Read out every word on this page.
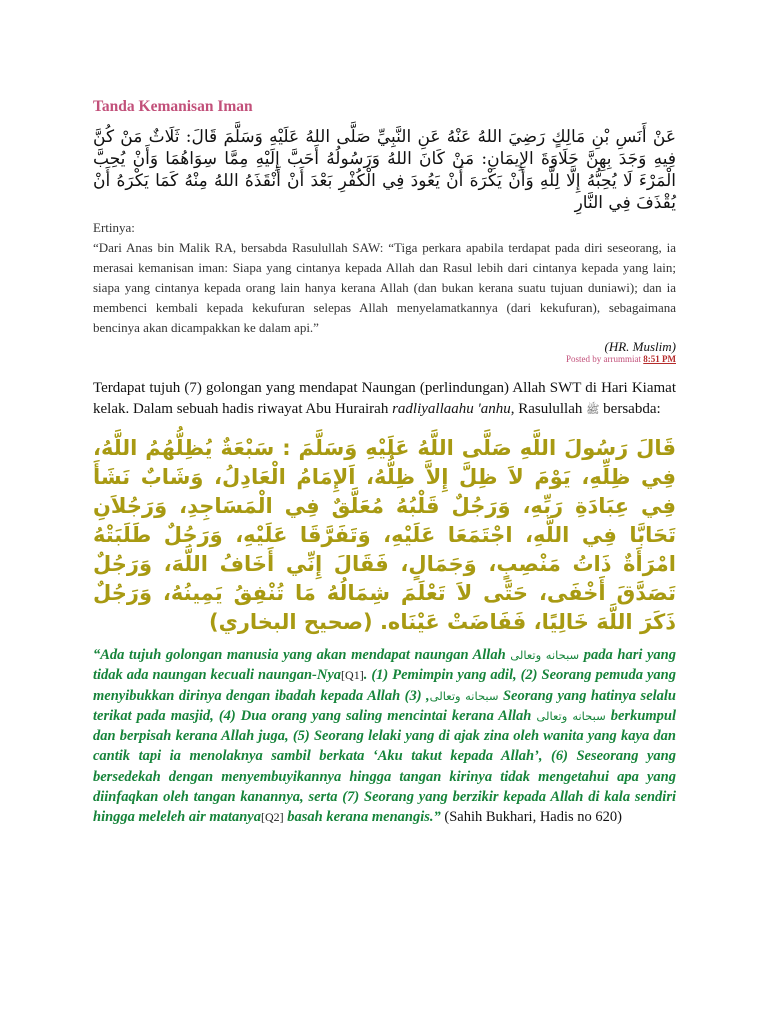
Tanda Kemanisan Iman
عَنْ أَنَسِ بْنِ مَالِكٍ رَضِيَ اللهُ عَنْهُ عَنِ النَّبِيِّ صَلَّى اللهُ عَلَيْهِ وَسَلَّمَ قَالَ: ثَلَاثٌ مَنْ كُنَّ فِيهِ وَجَدَ بِهِنَّ حَلَاوَةَ الإِيمَانِ: مَنْ كَانَ اللهُ وَرَسُولُهُ أَحَبَّ إِلَيْهِ مِمَّا سِوَاهُمَا وَأَنْ يُحِبَّ الْمَرْءَ لَا يُحِبُّهُ إِلَّا لِلَّهِ وَأَنْ يَكْرَهَ أَنْ يَعُودَ فِي الْكُفْرِ بَعْدَ أَنْ أَنْقَذَهُ اللهُ مِنْهُ كَمَا يَكْرَهُ أَنْ يُقْذَفَ فِي النَّارِ
Ertinya:

“Dari Anas bin Malik RA, bersabda Rasulullah SAW: “Tiga perkara apabila terdapat pada diri seseorang, ia merasai kemanisan iman: Siapa yang cintanya kepada Allah dan Rasul lebih dari cintanya kepada yang lain; siapa yang cintanya kepada orang lain hanya kerana Allah (dan bukan kerana suatu tujuan duniawi); dan ia membenci kembali kepada kekufuran selepas Allah menyelamatkannya (dari kekufuran), sebagaimana bencinya akan dicampakkan ke dalam api.”

(HR. Muslim)
Posted by arrummiat 8:51 PM

Terdapat tujuh (7) golongan yang mendapat Naungan (perlindungan) Allah SWT di Hari Kiamat kelak. Dalam sebuah hadis riwayat Abu Hurairah radliyallaahu 'anhu, Rasulullah ﷺ bersabda:

قَالَ رَسُولَ اللَّهِ صَلَّى اللَّهُ عَلَيْهِ وَسَلَّمَ : سَبْعَةٌ يُظِلُّهُمُ اللَّهُ، فِي ظِلِّهِ، يَوْمَ لاَ ظِلَّ إِلاَّ ظِلُّهُ، اَلإِمَامُ الْعَادِلُ، وَشَابٌ نَشَأَ فِي عِبَادَةِ رَبِّهِ، وَرَجُلٌ قَلْبُهُ مُعَلَّقٌ فِي الْمَسَاجِدِ، وَرَجُلاَنِ تَحَابَّا فِي اللَّهِ، اجْتَمَعَا عَلَيْهِ، وَتَفَرَّقَا عَلَيْهِ، وَرَجُلٌ طَلَبَتْهُ امْرَأَةٌ ذَاتُ مَنْصِبٍ، وَجَمَالٍ، فَقَالَ إِنِّي أَخَافُ اللَّهَ، وَرَجُلٌ تَصَدَّقَ أَخْفَى، حَتَّى لاَ تَعْلَمَ شِمَالُهُ مَا تُنْفِقُ يَمِينُهُ، وَرَجُلٌ ذَكَرَ اللَّهَ خَالِيًا، فَفَاضَتْ عَيْنَاه. (صحيح البخاري)

“Ada tujuh golongan manusia yang akan mendapat naungan Allah سبحانه وتعالى pada hari yang tidak ada naungan kecuali naungan-Nya[Q1]. (1) Pemimpin yang adil, (2) Seorang pemuda yang menyibukkan dirinya dengan ibadah kepada Allah سبحانه وتعالى, (3) Seorang yang hatinya selalu terikat pada masjid, (4) Dua orang yang saling mencintai kerana Allah سبحانه وتعالى berkumpul dan berpisah kerana Allah juga, (5) Seorang lelaki yang di ajak zina oleh wanita yang kaya dan cantik tapi ia menolaknya sambil berkata ‘Aku takut kepada Allah’, (6) Seseorang yang bersedekah dengan menyembuyikannya hingga tangan kirinya tidak mengetahui apa yang diinfaqkan oleh tangan kanannya, serta (7) Seorang yang berzikir kepada Allah di kala sendiri hingga meleleh air matanya[Q2] basah kerana menangis.” (Sahih Bukhari, Hadis no 620)
